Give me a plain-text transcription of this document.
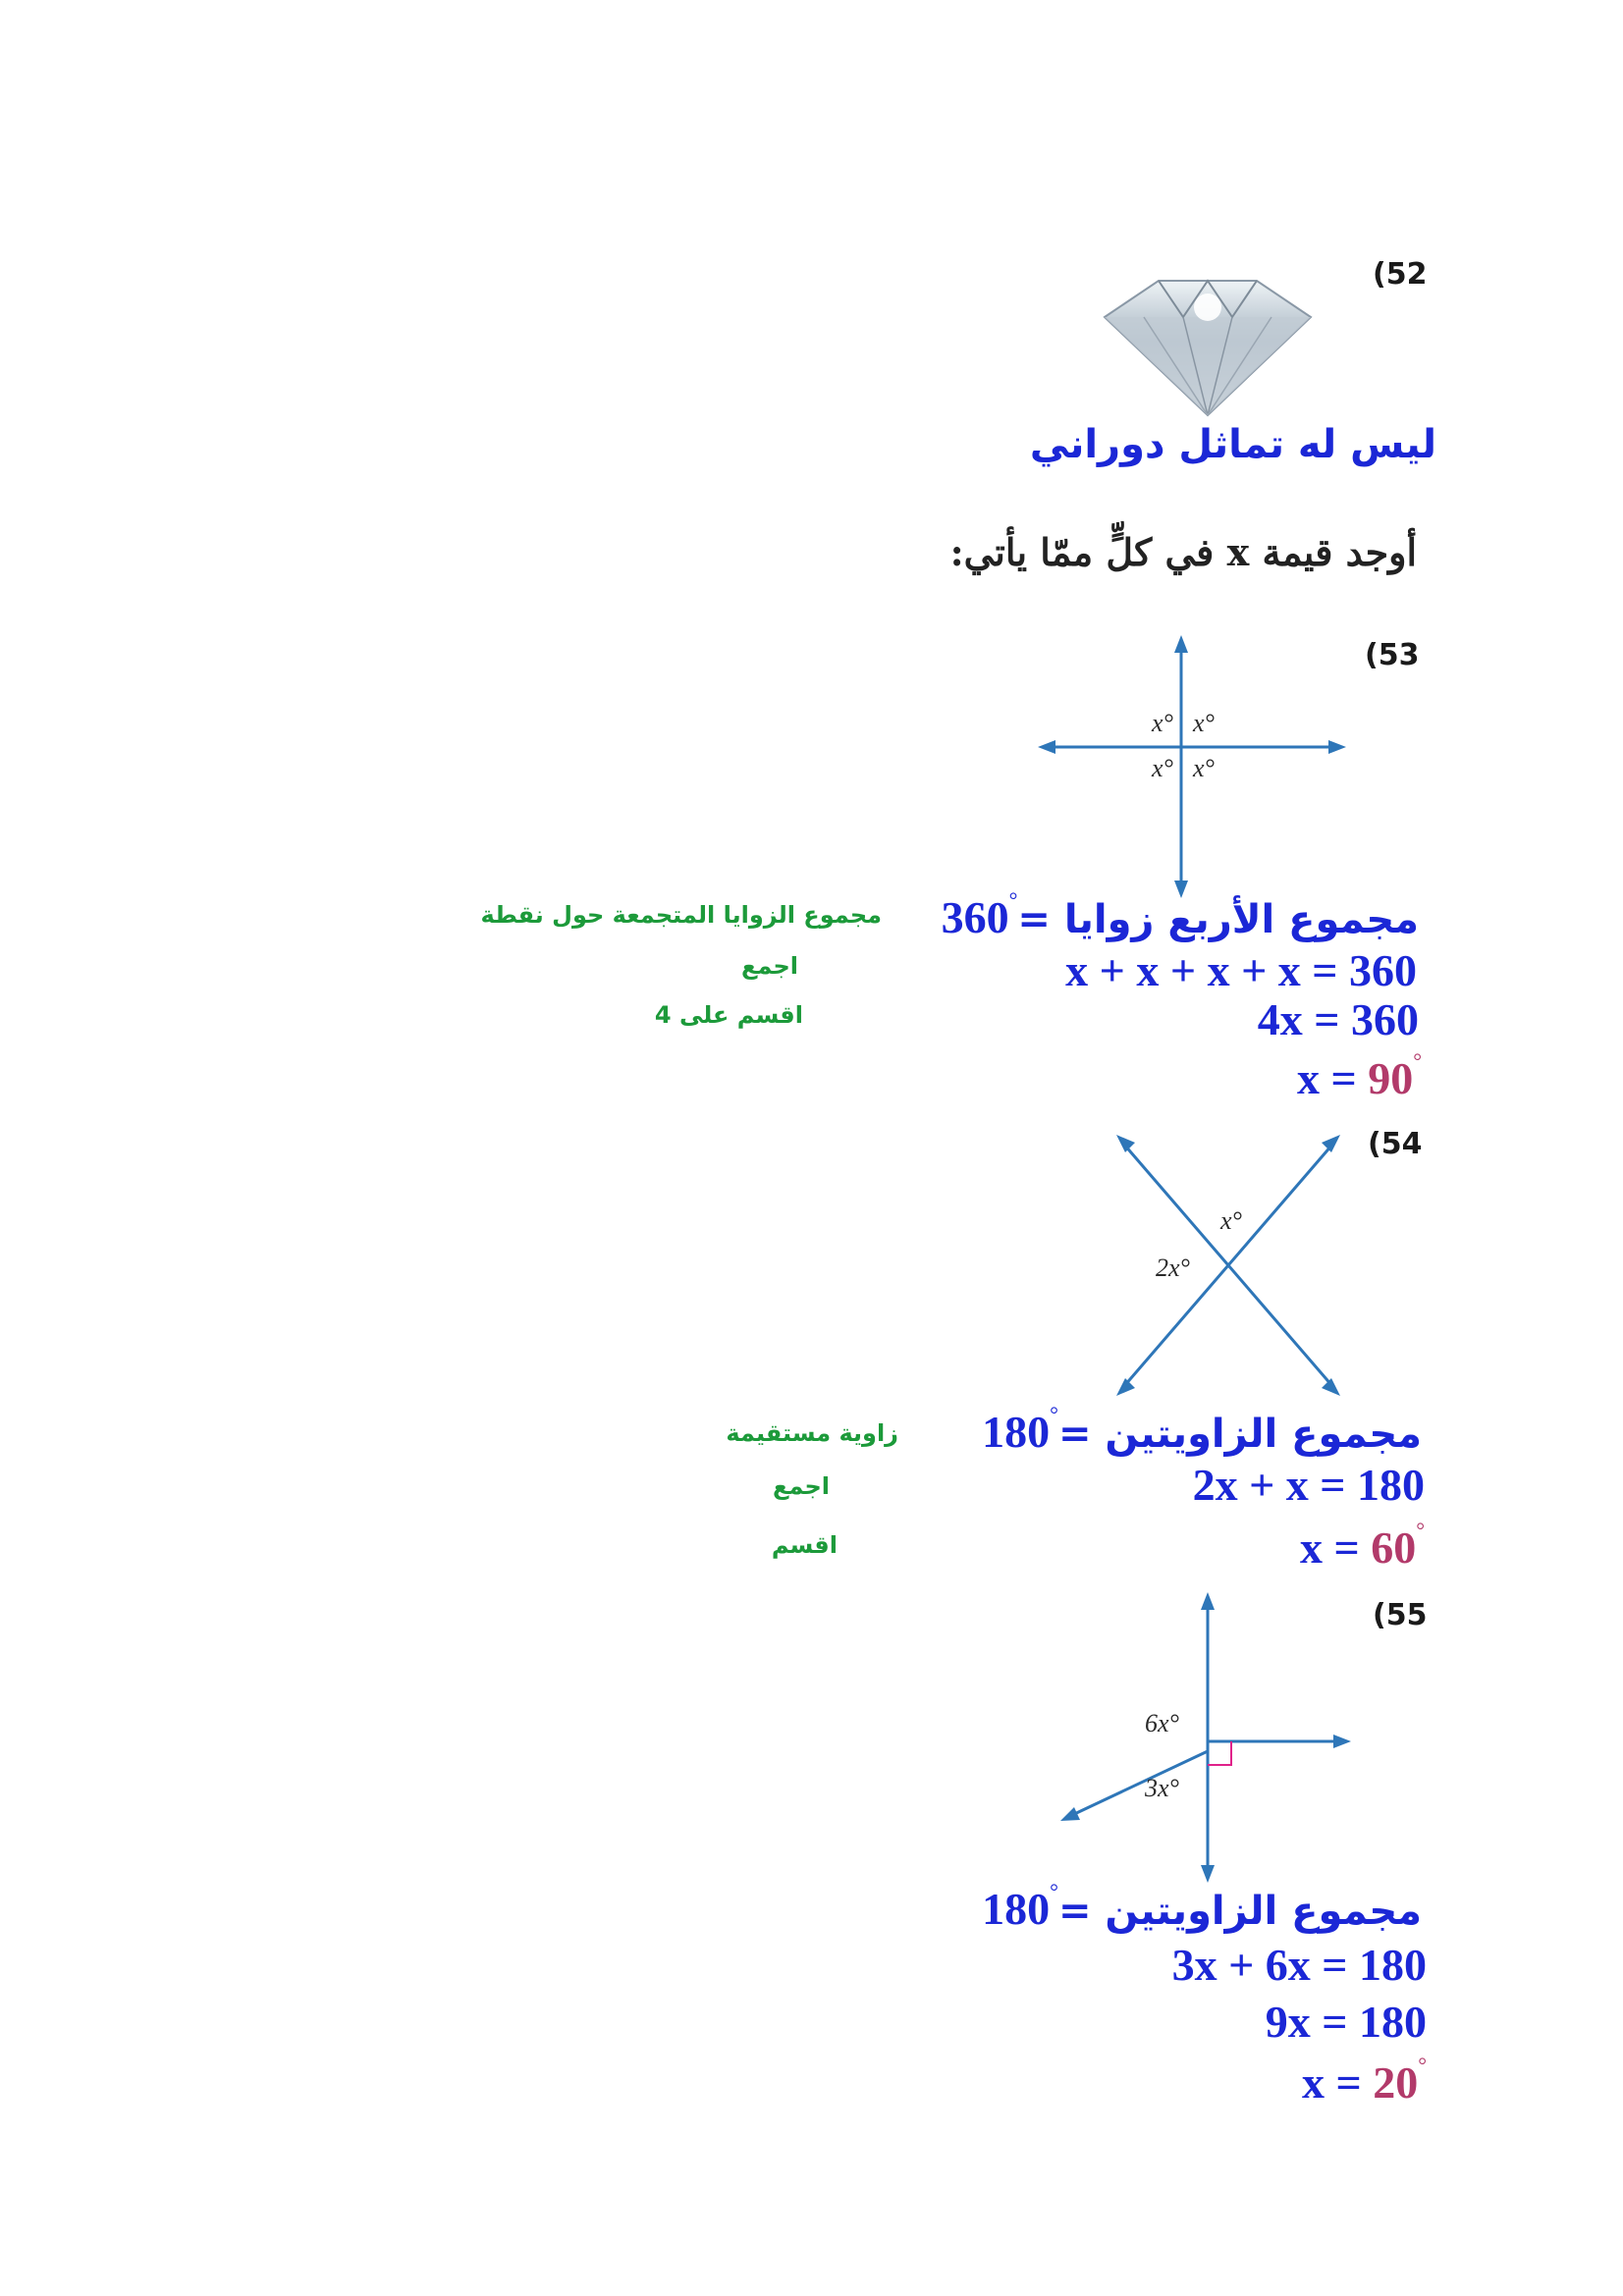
(52
ليس له تماثل دوراني
أوجد قيمة x في كلٍّ ممّا يأتي:
(53
x° x°
x° x°
360°مجموع الأربع زوايا =
x + x + x + x = 360
4x = 360
x = 90°
مجموع الزوايا المتجمعة حول نقطة
اجمع
اقسم على 4
(54
x°
2x°
180°مجموع الزاويتين =
2x + x = 180
x = 60°
زاوية مستقيمة
اجمع
اقسم
(55
6x°
3x°
180°مجموع الزاويتين =
3x + 6x = 180
9x = 180
x = 20°
